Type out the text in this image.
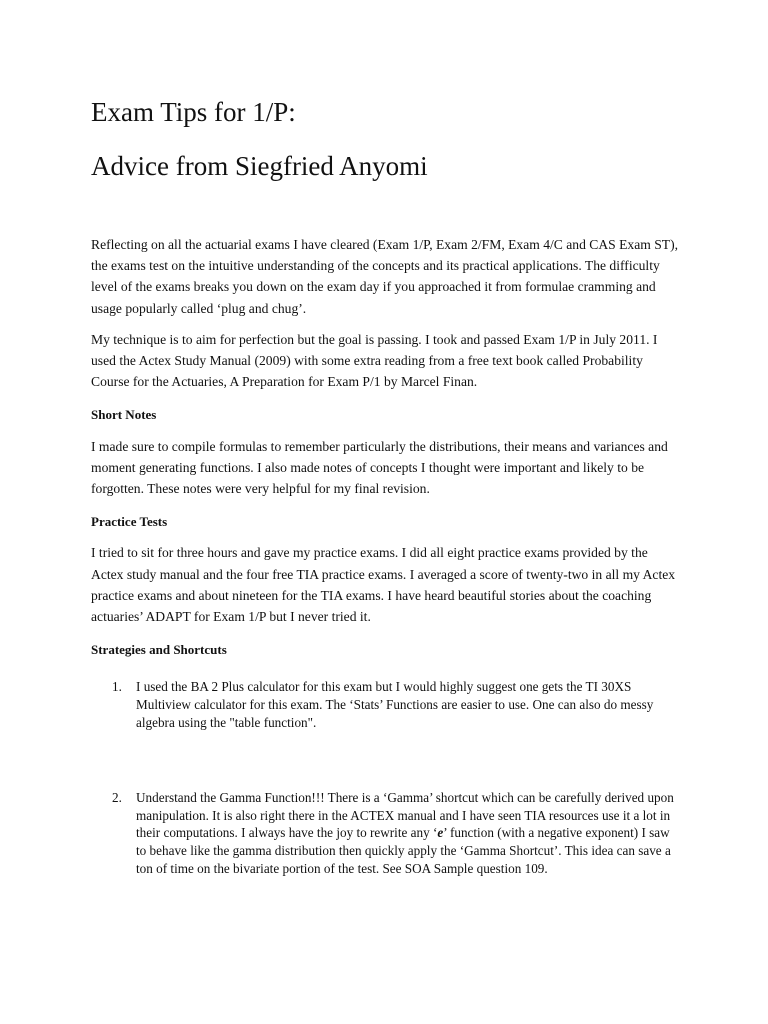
Exam Tips for 1/P:
Advice from Siegfried Anyomi

Reflecting on all the actuarial exams I have cleared (Exam 1/P, Exam 2/FM, Exam 4/C and CAS Exam ST), the exams test on the intuitive understanding of the concepts and its practical applications. The difficulty level of the exams breaks you down on the exam day if you approached it from formulae cramming and usage popularly called ‘plug and chug’.

My technique is to aim for perfection but the goal is passing. I took and passed Exam 1/P in July 2011. I used the Actex Study Manual (2009) with some extra reading from a free text book called Probability Course for the Actuaries, A Preparation for Exam P/1 by Marcel Finan.

Short Notes

I made sure to compile formulas to remember particularly the distributions, their means and variances and moment generating functions. I also made notes of concepts I thought were important and likely to be forgotten. These notes were very helpful for my final revision.

Practice Tests

I tried to sit for three hours and gave my practice exams. I did all eight practice exams provided by the Actex study manual and the four free TIA practice exams. I averaged a score of twenty-two in all my Actex practice exams and about nineteen for the TIA exams. I have heard beautiful stories about the coaching actuaries’ ADAPT for Exam 1/P but I never tried it.

Strategies and Shortcuts
1. I used the BA 2 Plus calculator for this exam but I would highly suggest one gets the TI 30XS Multiview calculator for this exam. The ‘Stats’ Functions are easier to use. One can also do messy algebra using the "table function".
2. Understand the Gamma Function!!! There is a ‘Gamma’ shortcut which can be carefully derived upon manipulation. It is also right there in the ACTEX manual and I have seen TIA resources use it a lot in their computations. I always have the joy to rewrite any ‘e’ function (with a negative exponent) I saw to behave like the gamma distribution then quickly apply the ‘Gamma Shortcut’. This idea can save a ton of time on the bivariate portion of the test. See SOA Sample question 109.
